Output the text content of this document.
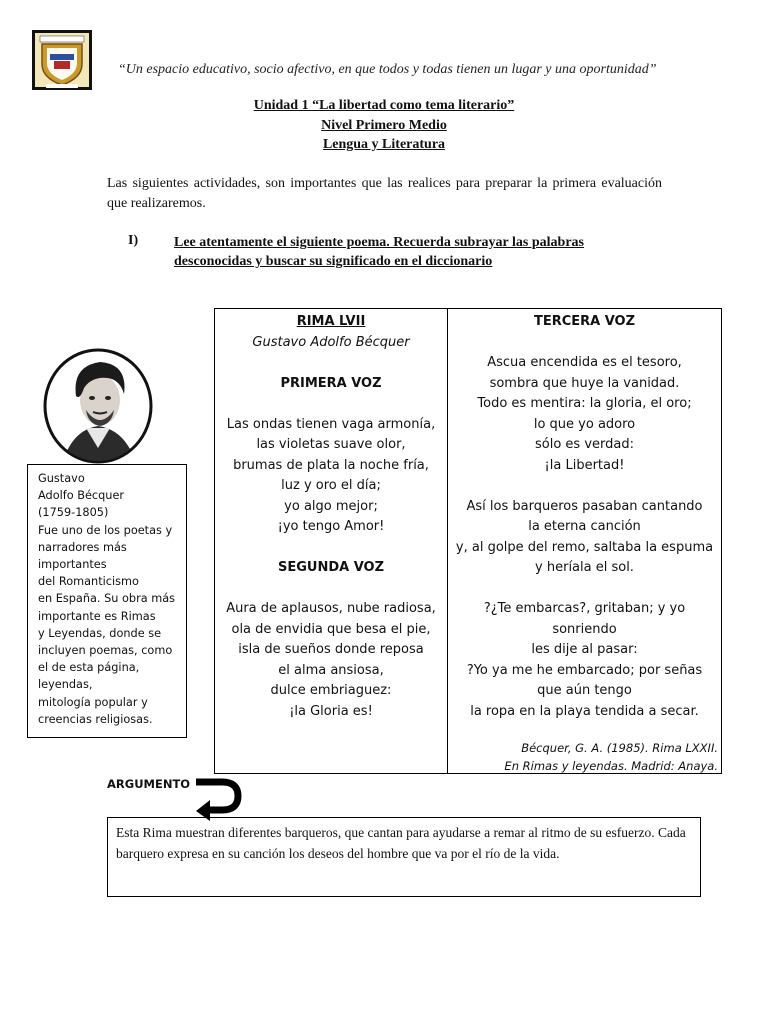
“Un espacio educativo, socio afectivo, en que todos y todas tienen un lugar y una oportunidad”
Unidad 1 “La libertad como tema literario”
Nivel Primero Medio
Lengua y Literatura
Las siguientes actividades, son importantes que las realices para preparar la primera evaluación que realizaremos.
I)	Lee atentamente el siguiente poema. Recuerda subrayar las palabras
desconocidas y buscar su significado en el diccionario
Gustavo
Adolfo Bécquer
(1759-1805)
Fue uno de los poetas y
narradores más
importantes
del Romanticismo
en España. Su obra más
importante es Rimas
y Leyendas, donde se
incluyen poemas, como
el de esta página,
leyendas,
mitología popular y
creencias religiosas.
RIMA LVII
Gustavo Adolfo Bécquer
PRIMERA VOZ
Las ondas tienen vaga armonía,
las violetas suave olor,
brumas de plata la noche fría,
luz y oro el día;
yo algo mejor;
¡yo tengo Amor!
SEGUNDA VOZ
Aura de aplausos, nube radiosa,
ola de envidia que besa el pie,
isla de sueños donde reposa
el alma ansiosa,
dulce embriaguez:
¡la Gloria es!
TERCERA VOZ
Ascua encendida es el tesoro,
sombra que huye la vanidad.
Todo es mentira: la gloria, el oro;
lo que yo adoro
sólo es verdad:
¡la Libertad!
Así los barqueros pasaban cantando
la eterna canción
y, al golpe del remo, saltaba la espuma
y heríala el sol.
?¿Te embarcas?, gritaban; y yo
sonriendo
les dije al pasar:
?Yo ya me he embarcado; por señas
que aún tengo
la ropa en la playa tendida a secar.
Bécquer, G. A. (1985). Rima LXXII.
En Rimas y leyendas. Madrid: Anaya.
ARGUMENTO
Esta Rima muestran diferentes barqueros, que cantan para ayudarse a remar al ritmo de su esfuerzo. Cada barquero expresa en su canción los deseos del hombre que va por el río de la vida.
